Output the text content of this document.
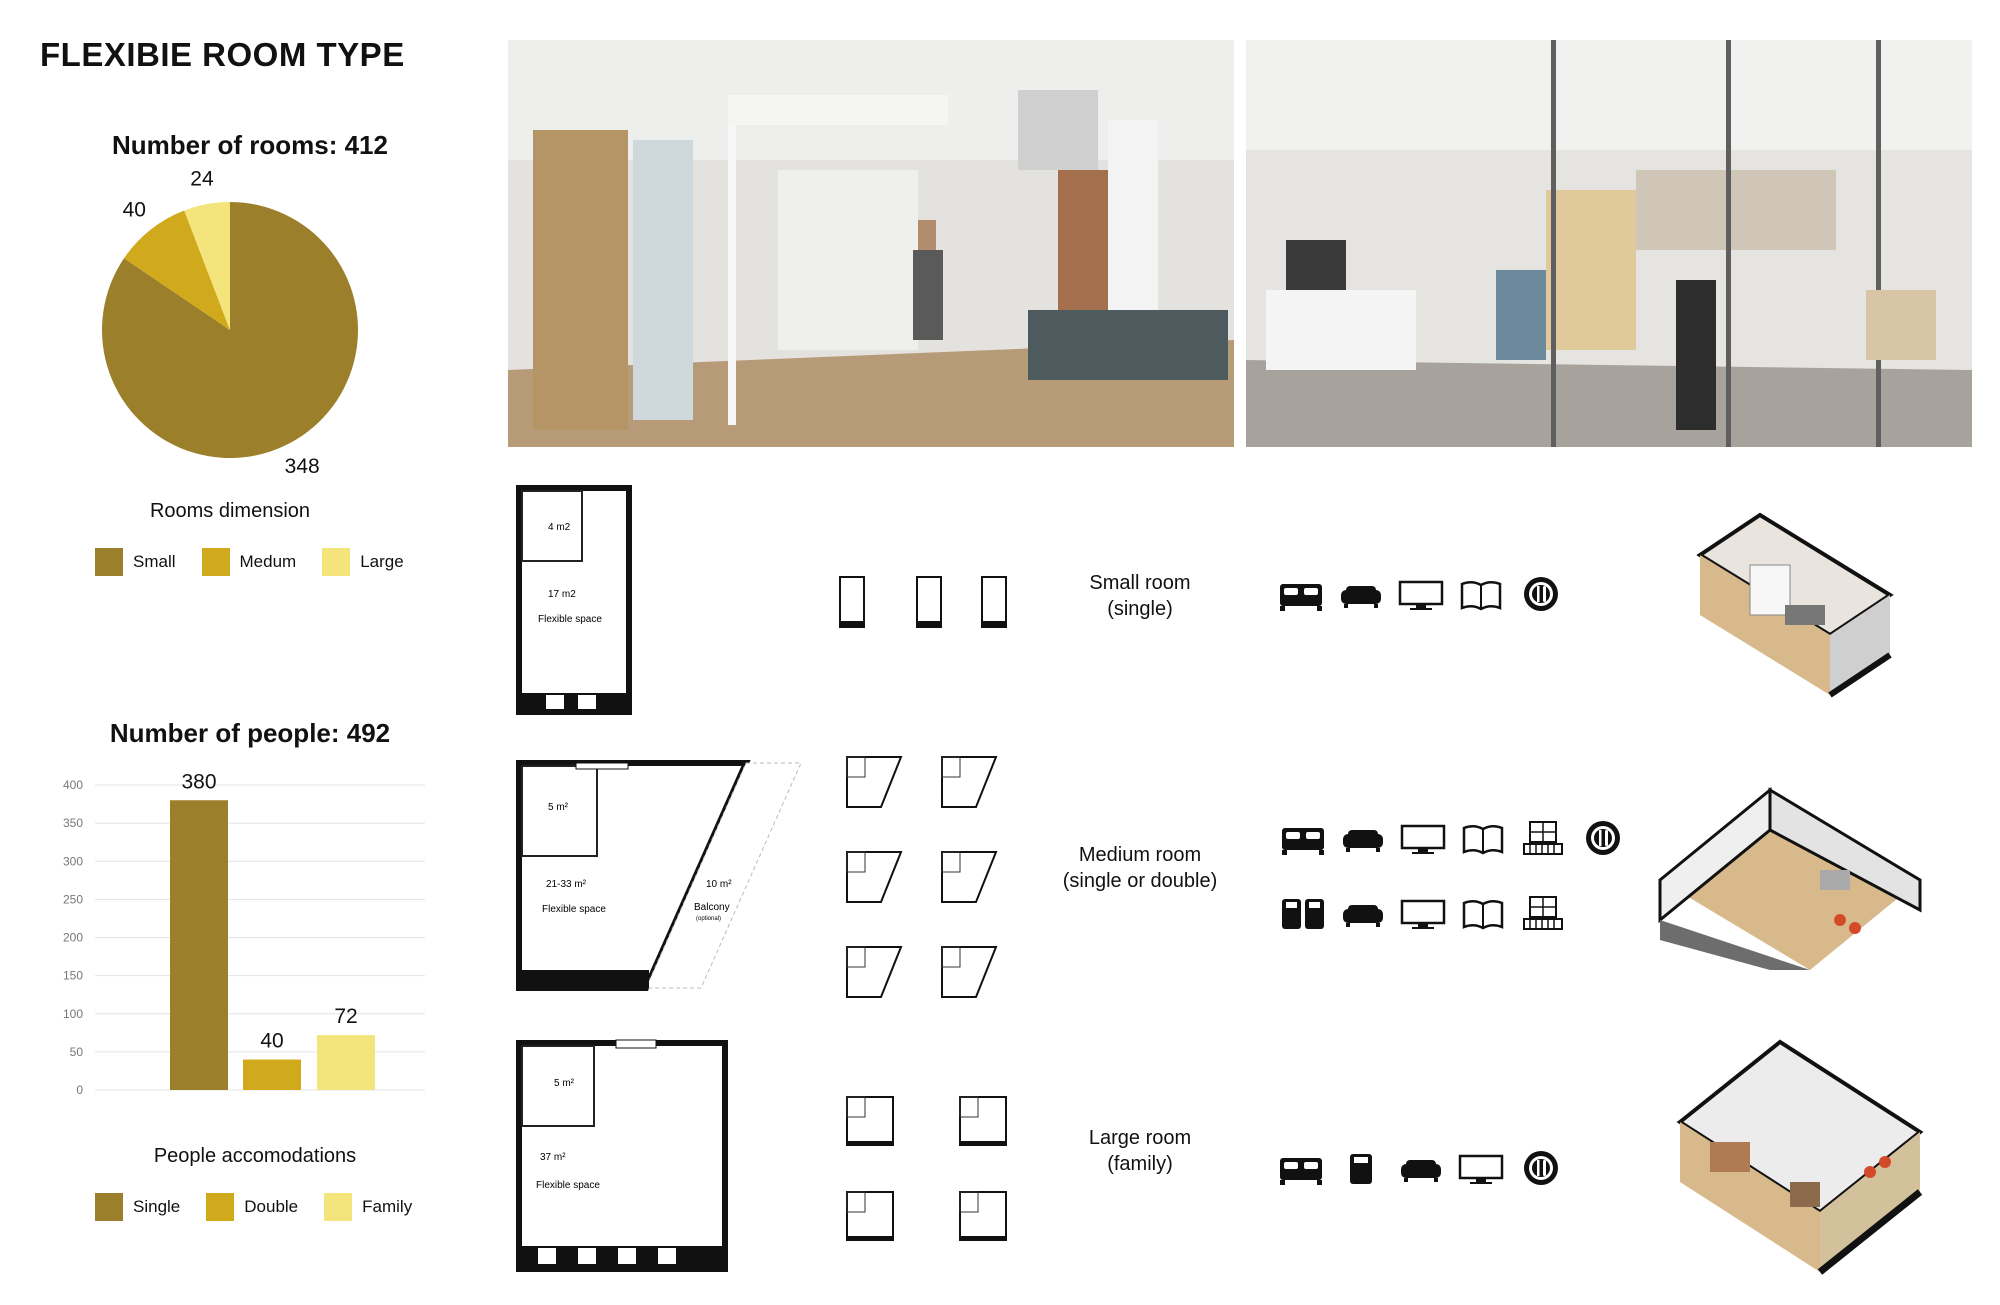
FLEXIBIE ROOM TYPE
Number of rooms: 412
348
40
24
Rooms dimension
Small	Medum	Large
Number of people: 492
0
50
100
150
200
250
300
350
400	380
40
72
People accomodations
Single	Double	Family
4 m2
17 m2
Flexible space
5 m²
21-33 m²
Flexible space
10 m²
Balcony
(optional)
5 m²
37 m²
Flexible space
Small room
(single)
Medium room
(single or double)
Large room
(family)
